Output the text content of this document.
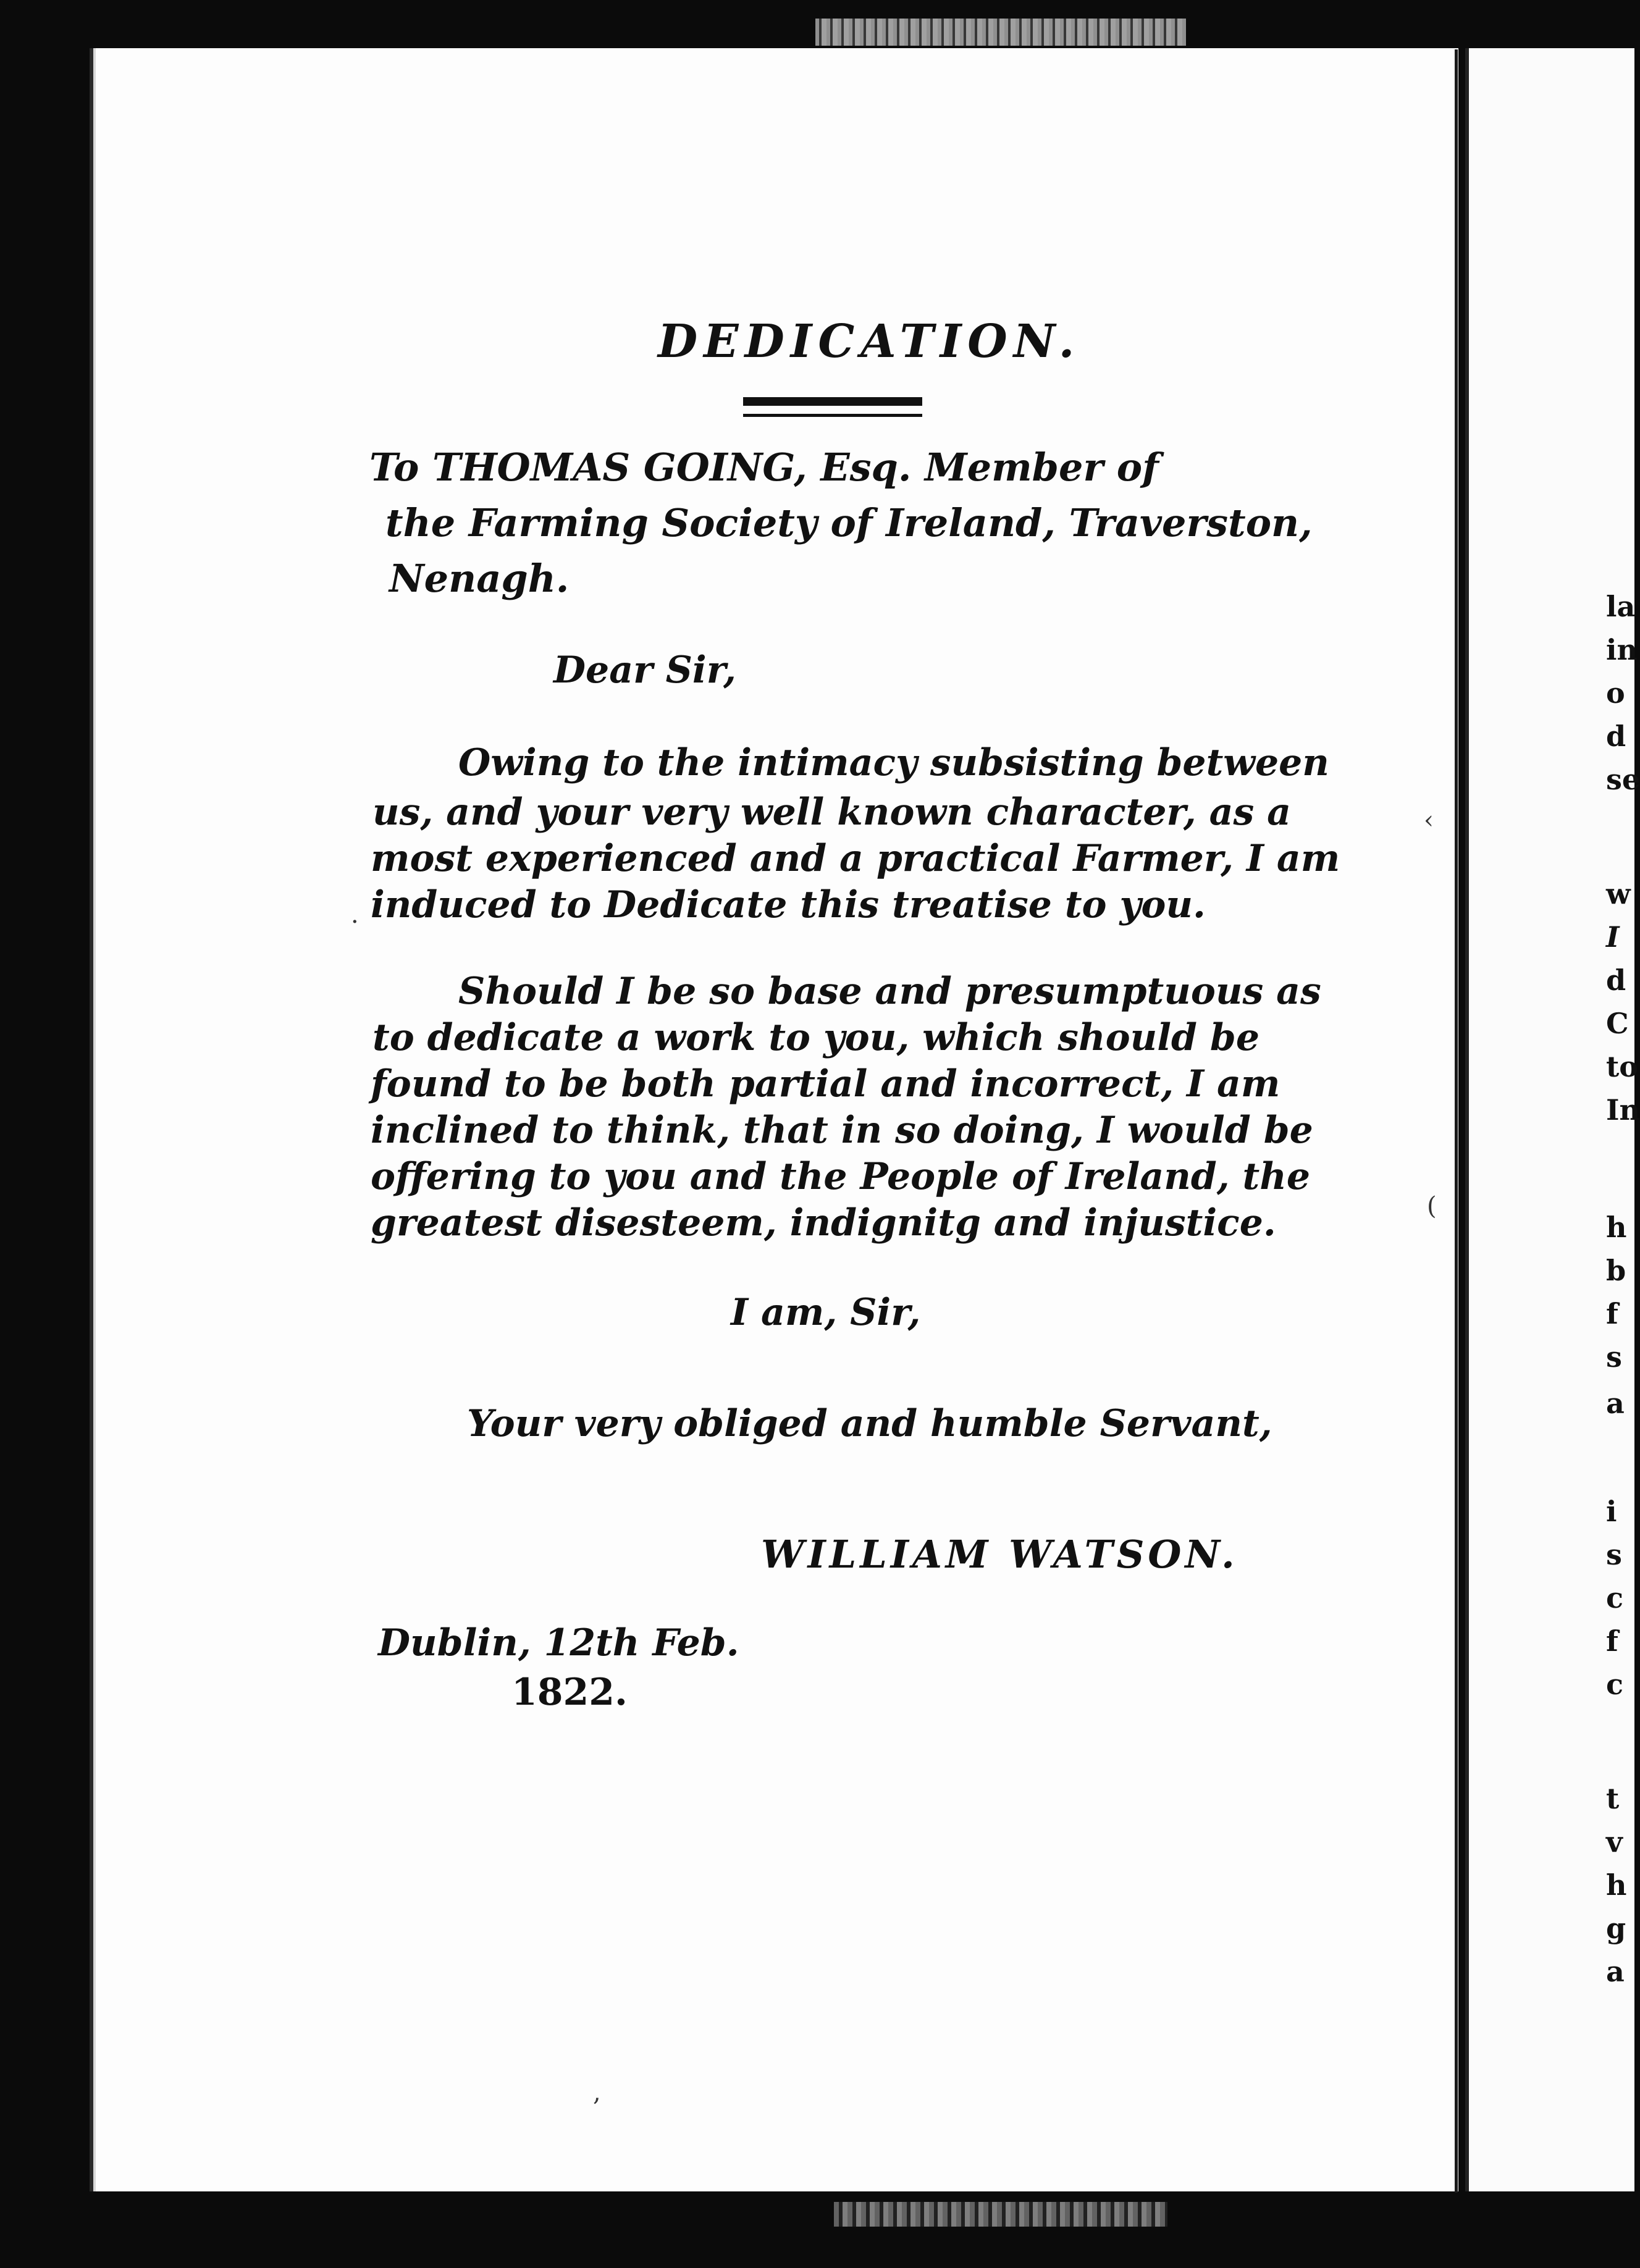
DEDICATION.
To THOMAS GOING, Esq. Member of
the Farming Society of Ireland, Traverston,
Nenagh.
Dear Sir,
Owing to the intimacy subsisting between
us, and your very well known character, as a
most experienced and a practical Farmer, I am
induced to Dedicate this treatise to you.
Should I be so base and presumptuous as
to dedicate a work to you, which should be
found to be both partial and incorrect, I am
inclined to think, that in so doing, I would be
offering to you and the People of Ireland, the
greatest disesteem, indignitg and injustice.
I am, Sir,
Your very obliged and humble Servant,
WILLIAM WATSON.
Dublin, 12th Feb.
1822.
·
‹
(
,
la
in
o
d
se
w
I
d
C
to
In
h
b
f
s
a
i
s
c
f
c
t
v
h
g
a
